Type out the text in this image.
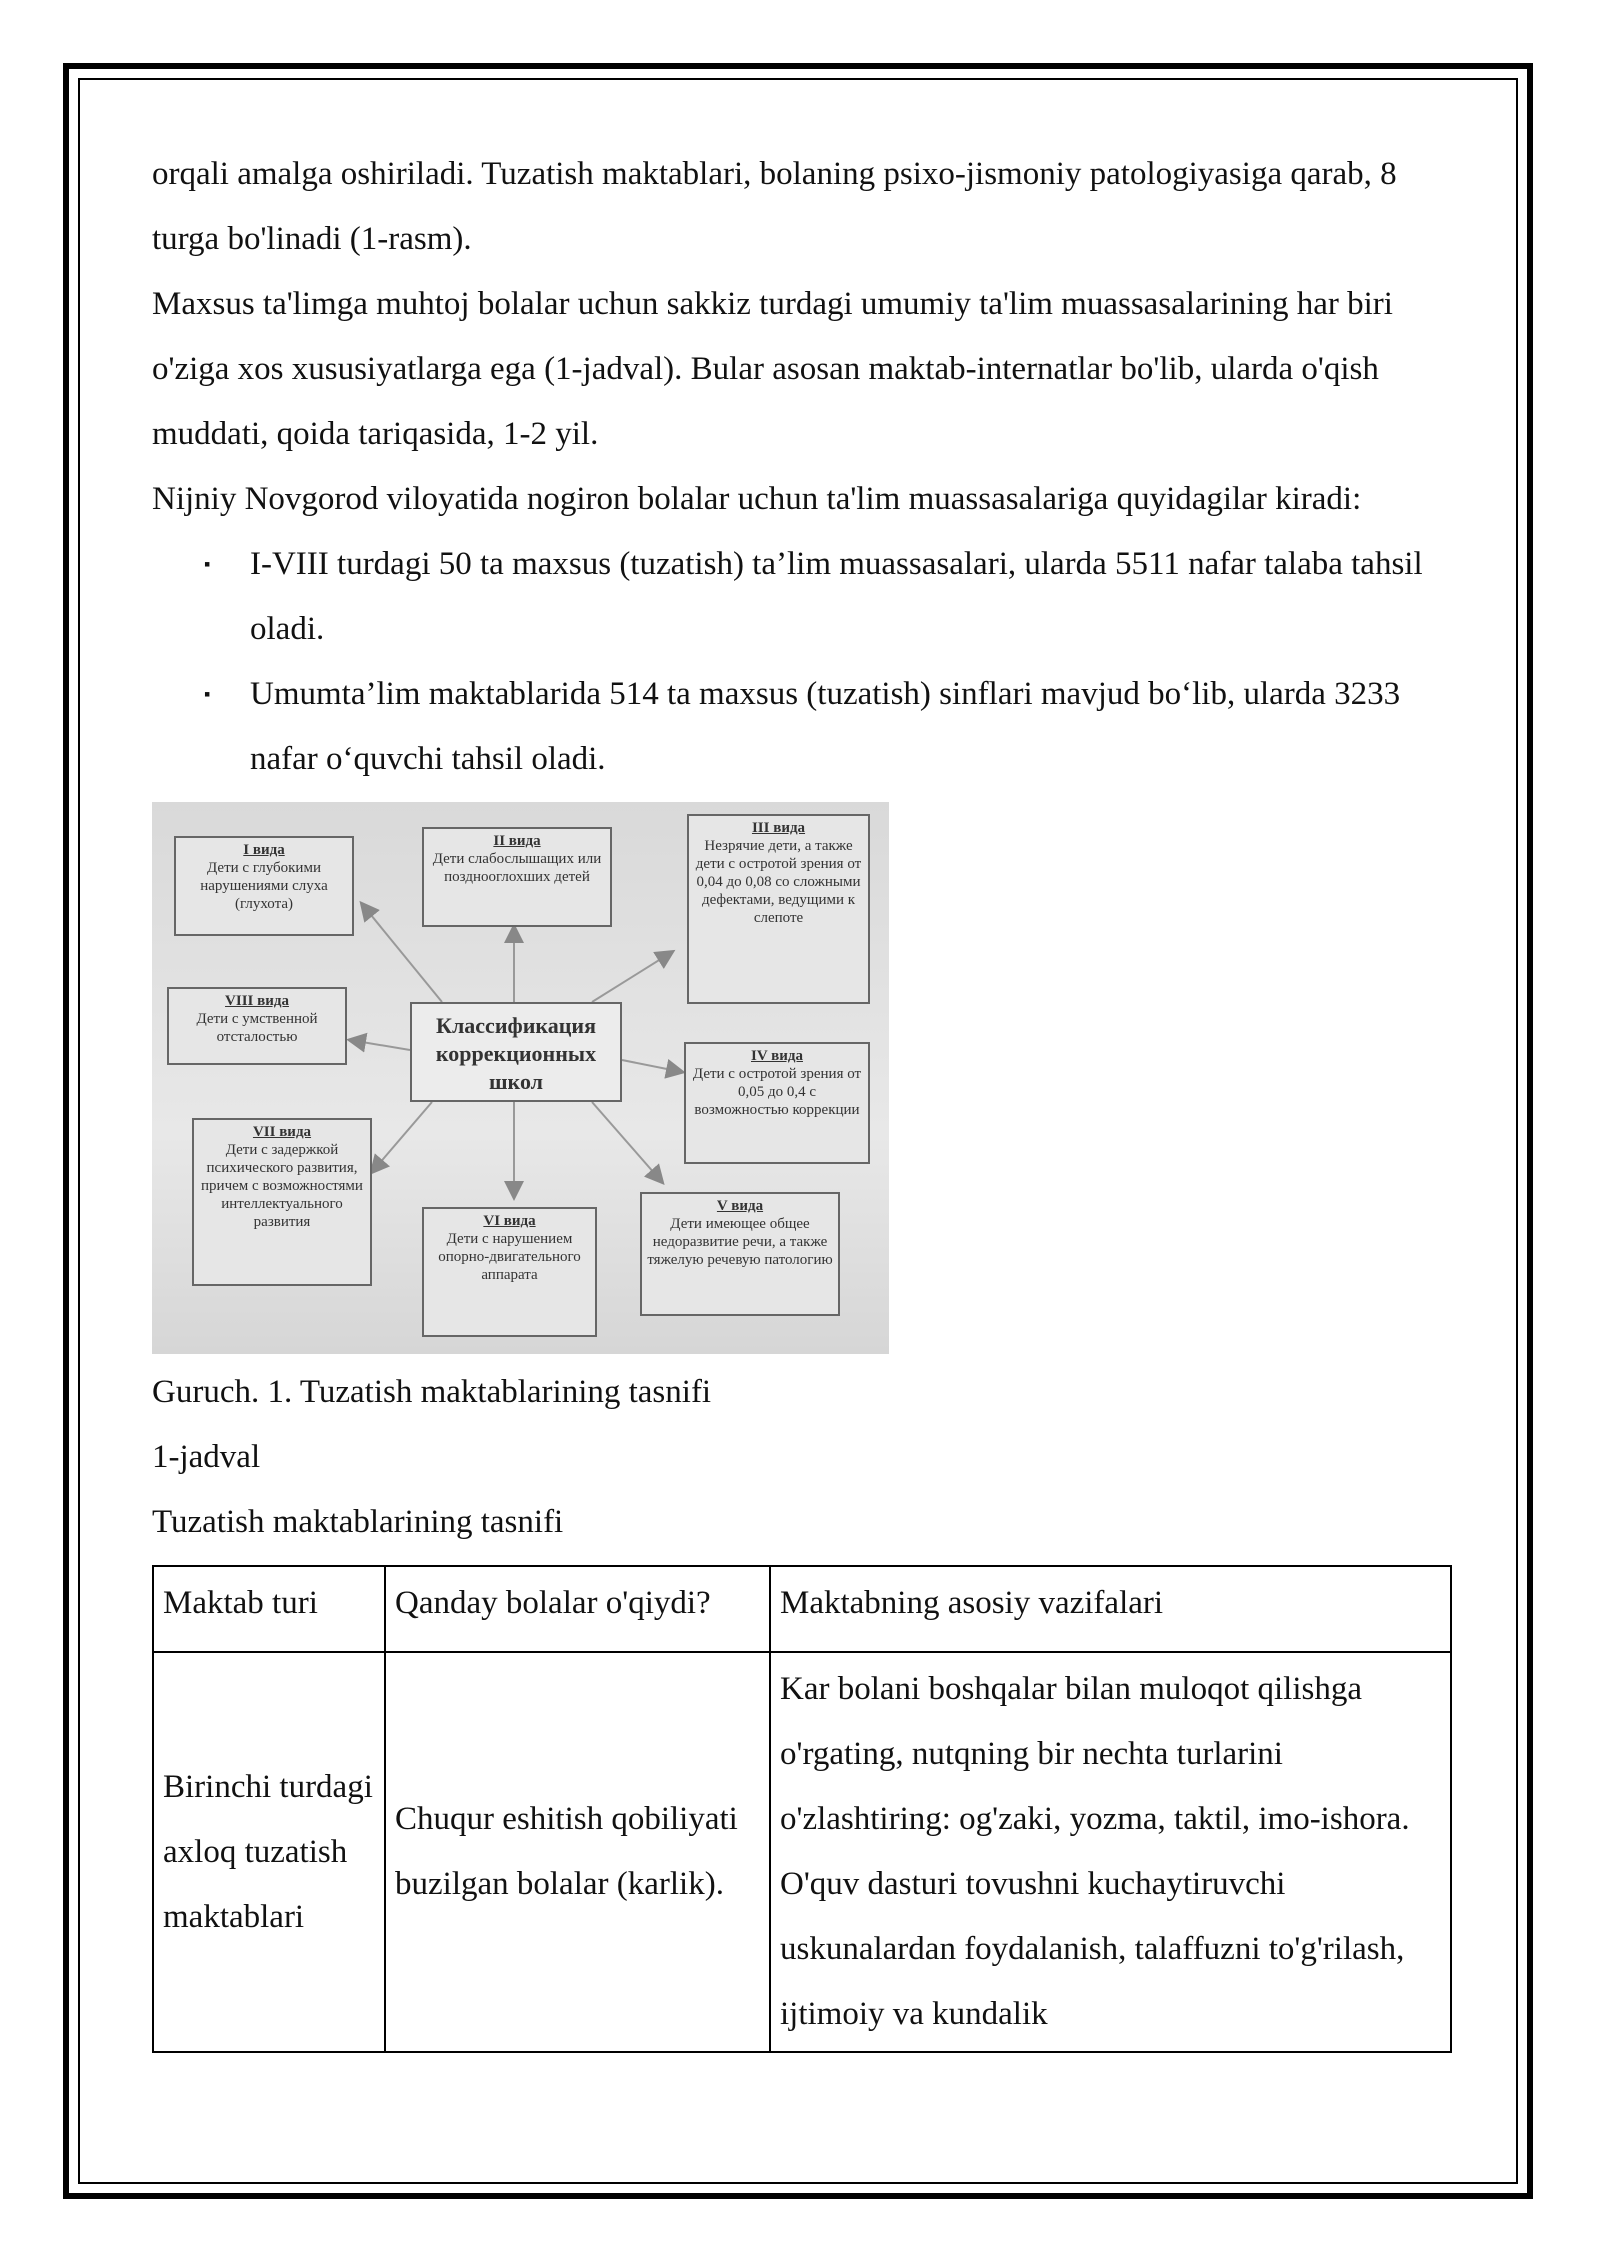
orqali amalga oshiriladi. Tuzatish maktablari, bolaning psixo-jismoniy patologiyasiga qarab, 8 turga bo'linadi (1-rasm).

Maxsus ta'limga muhtoj bolalar uchun sakkiz turdagi umumiy ta'lim muassasalarining har biri o'ziga xos xususiyatlarga ega (1-jadval). Bular asosan maktab-internatlar bo'lib, ularda o'qish muddati, qoida tariqasida, 1-2 yil.

Nijniy Novgorod viloyatida nogiron bolalar uchun ta'lim muassasalariga quyidagilar kiradi:

▪ I-VIII turdagi 50 ta maxsus (tuzatish) ta’lim muassasalari, ularda 5511 nafar talaba tahsil oladi.
▪ Umumta’lim maktablarida 514 ta maxsus (tuzatish) sinflari mavjud bo‘lib, ularda 3233 nafar o‘quvchi tahsil oladi.
Классификация коррекционных школ
I вида
Дети с глубокими нарушениями слуха (глухота)
II вида
Дети слабослышащих или позднооглохших детей
III вида
Незрячие дети, а также дети с остротой зрения от 0,04 до 0,08 со сложными дефектами, ведущими к слепоте
VIII вида
Дети с умственной отсталостью
IV вида
Дети с остротой зрения от 0,05 до 0,4 с возможностью коррекции
VII вида
Дети с задержкой психического развития, причем с возможностями интеллектуального развития	VI вида
Дети с нарушением опорно-двигательного аппарата
V вида
Дети имеющее общее недоразвитие речи, а также тяжелую речевую патологию

Guruch. 1. Tuzatish maktablarining tasnifi

1-jadval

Tuzatish maktablarining tasnifi

Maktab turi	Qanday bolalar o'qiydi?	Maktabning asosiy vazifalari
Birinchi turdagi axloq tuzatish maktablari	Chuqur eshitish qobiliyati buzilgan bolalar (karlik).	Kar bolani boshqalar bilan muloqot qilishga o'rgating, nutqning bir nechta turlarini o'zlashtiring: og'zaki, yozma, taktil, imo-ishora. O'quv dasturi tovushni kuchaytiruvchi uskunalardan foydalanish, talaffuzni to'g'rilash, ijtimoiy va kundalik
